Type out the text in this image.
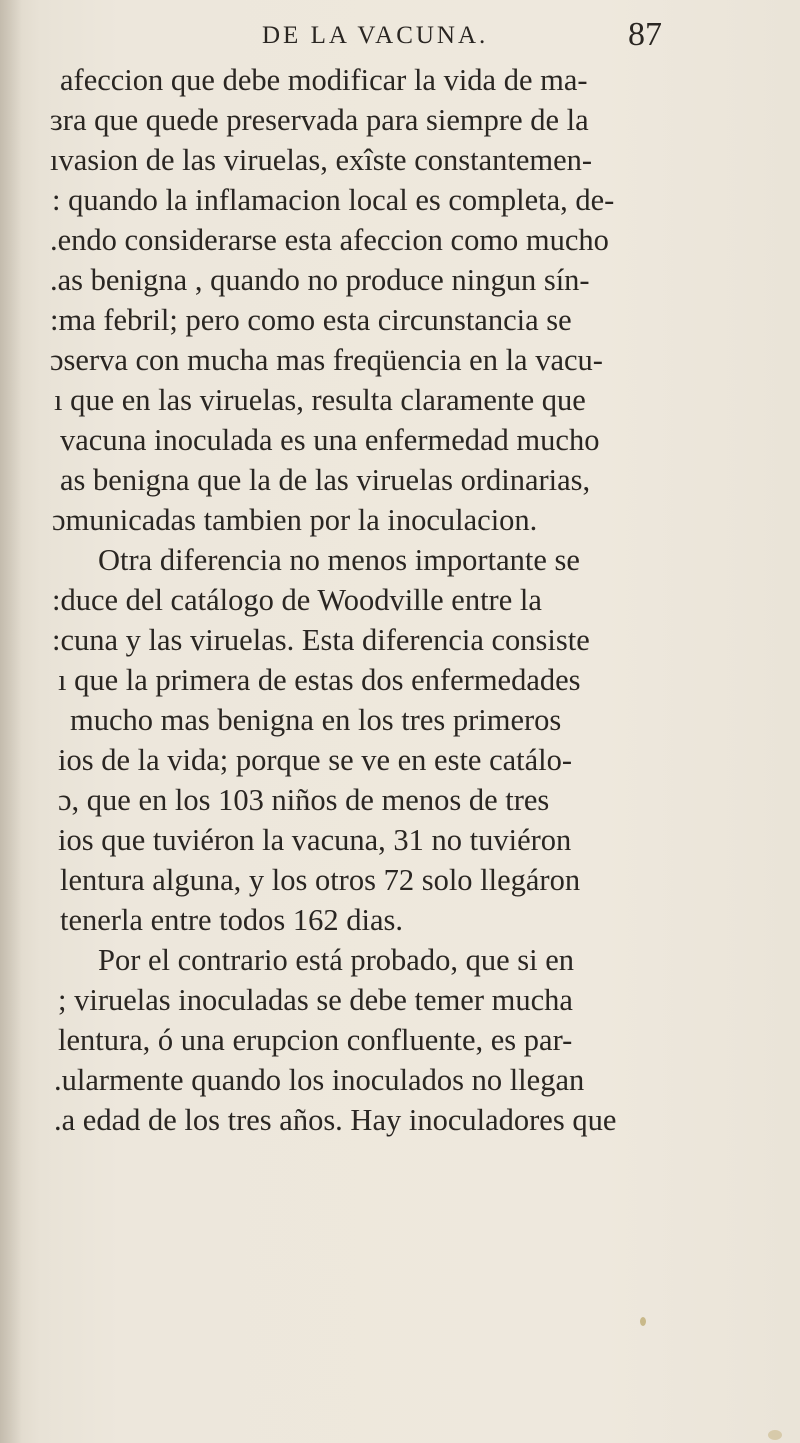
DE LA VACUNA.	87
afeccion que debe modificar la vida de ma-
ɜra que quede preservada para siempre de la
ıvasion de las viruelas, exîste constantemen-
: quando la inflamacion local es completa, de-
.endo considerarse esta afeccion como mucho
.as benigna , quando no produce ningun sín-
:ma febril; pero como esta circunstancia se
ɔserva con mucha mas freqüencia en la vacu-
ı que en las viruelas, resulta claramente que
vacuna inoculada es una enfermedad mucho
as benigna que la de las viruelas ordinarias,
ɔmunicadas tambien por la inoculacion.
Otra diferencia no menos importante se
:duce del catálogo de Woodville entre la
:cuna y las viruelas. Esta diferencia consiste
ı que la primera de estas dos enfermedades
mucho mas benigna en los tres primeros
ios de la vida; porque se ve en este catálo-
ɔ, que en los 103 niños de menos de tres
ios que tuviéron la vacuna, 31 no tuviéron
lentura alguna, y los otros 72 solo llegáron
tenerla entre todos 162 dias.
Por el contrario está probado, que si en
; viruelas inoculadas se debe temer mucha
lentura, ó una erupcion confluente, es par-
.ularmente quando los inoculados no llegan
.a edad de los tres años. Hay inoculadores que
